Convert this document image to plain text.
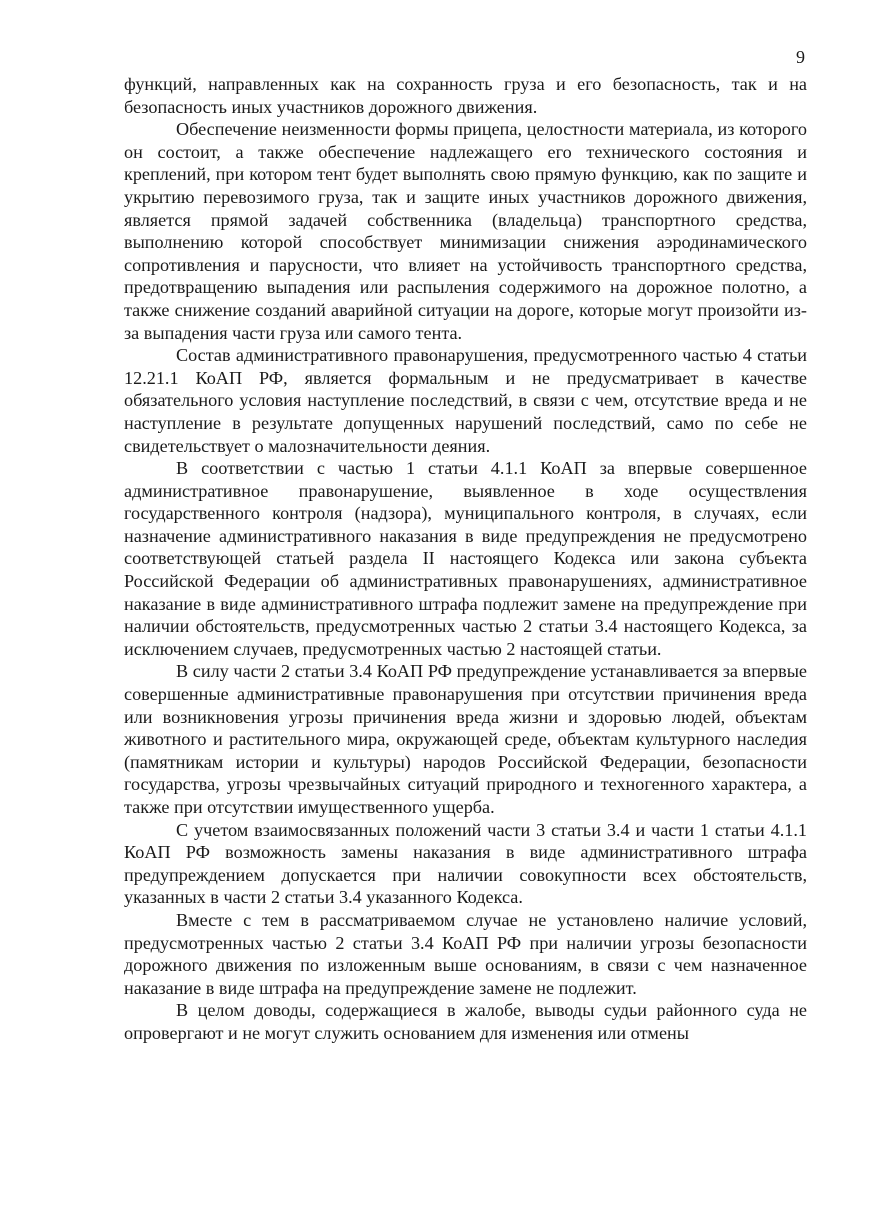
9

функций, направленных как на сохранность груза и его безопасность, так и на безопасность иных участников дорожного движения.

Обеспечение неизменности формы прицепа, целостности материала, из которого он состоит, а также обеспечение надлежащего его технического состояния и креплений, при котором тент будет выполнять свою прямую функцию, как по защите и укрытию перевозимого груза, так и защите иных участников дорожного движения, является прямой задачей собственника (владельца) транспортного средства, выполнению которой способствует минимизации снижения аэродинамического сопротивления и парусности, что влияет на устойчивость транспортного средства, предотвращению выпадения или распыления содержимого на дорожное полотно, а также снижение созданий аварийной ситуации на дороге, которые могут произойти из-за выпадения части груза или самого тента.

Состав административного правонарушения, предусмотренного частью 4 статьи 12.21.1 КоАП РФ, является формальным и не предусматривает в качестве обязательного условия наступление последствий, в связи с чем, отсутствие вреда и не наступление в результате допущенных нарушений последствий, само по себе не свидетельствует о малозначительности деяния.

В соответствии с частью 1 статьи 4.1.1 КоАП за впервые совершенное административное правонарушение, выявленное в ходе осуществления государственного контроля (надзора), муниципального контроля, в случаях, если назначение административного наказания в виде предупреждения не предусмотрено соответствующей статьей раздела II настоящего Кодекса или закона субъекта Российской Федерации об административных правонарушениях, административное наказание в виде административного штрафа подлежит замене на предупреждение при наличии обстоятельств, предусмотренных частью 2 статьи 3.4 настоящего Кодекса, за исключением случаев, предусмотренных частью 2 настоящей статьи.

В силу части 2 статьи 3.4 КоАП РФ предупреждение устанавливается за впервые совершенные административные правонарушения при отсутствии причинения вреда или возникновения угрозы причинения вреда жизни и здоровью людей, объектам животного и растительного мира, окружающей среде, объектам культурного наследия (памятникам истории и культуры) народов Российской Федерации, безопасности государства, угрозы чрезвычайных ситуаций природного и техногенного характера, а также при отсутствии имущественного ущерба.

С учетом взаимосвязанных положений части 3 статьи 3.4 и части 1 статьи 4.1.1 КоАП РФ возможность замены наказания в виде административного штрафа предупреждением допускается при наличии совокупности всех обстоятельств, указанных в части 2 статьи 3.4 указанного Кодекса.

Вместе с тем в рассматриваемом случае не установлено наличие условий, предусмотренных частью 2 статьи 3.4 КоАП РФ при наличии угрозы безопасности дорожного движения по изложенным выше основаниям, в связи с чем назначенное наказание в виде штрафа на предупреждение замене не подлежит.

В целом доводы, содержащиеся в жалобе, выводы судьи районного суда не опровергают и не могут служить основанием для изменения или отмены
